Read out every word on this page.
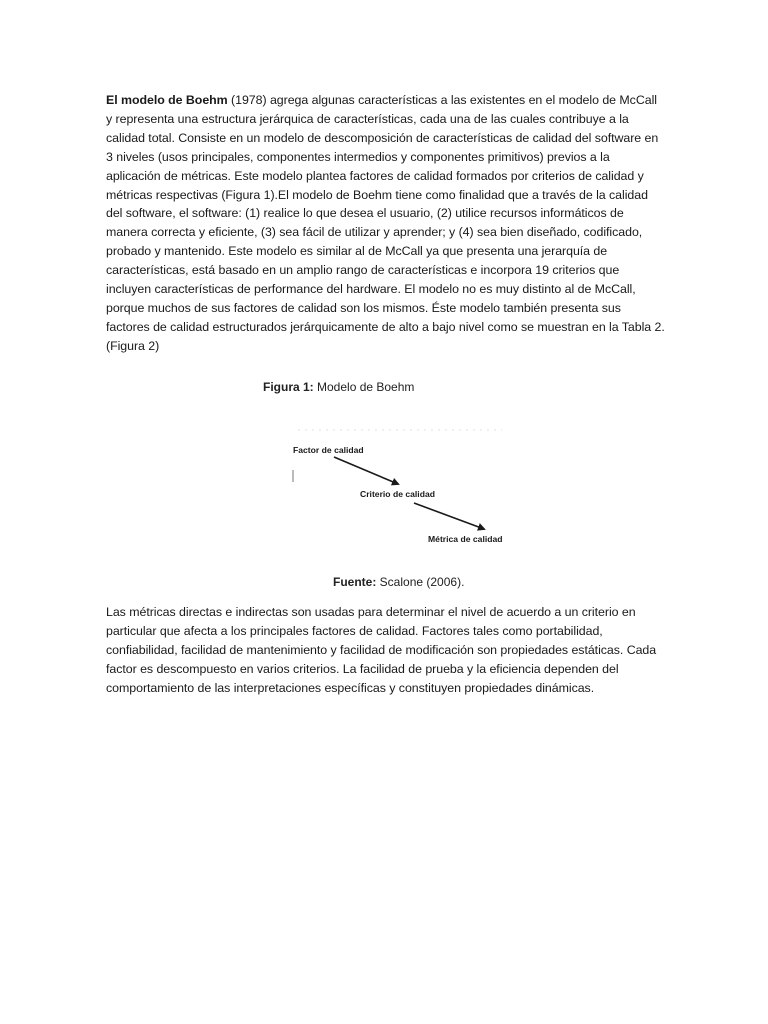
El modelo de Boehm (1978) agrega algunas características a las existentes en el modelo de McCall y representa una estructura jerárquica de características, cada una de las cuales contribuye a la calidad total. Consiste en un modelo de descomposición de características de calidad del software en 3 niveles (usos principales, componentes intermedios y componentes primitivos) previos a la aplicación de métricas. Este modelo plantea factores de calidad formados por criterios de calidad y métricas respectivas (Figura 1).El modelo de Boehm tiene como finalidad que a través de la calidad del software, el software: (1) realice lo que desea el usuario, (2) utilice recursos informáticos de manera correcta y eficiente, (3) sea fácil de utilizar y aprender; y (4) sea bien diseñado, codificado, probado y mantenido. Este modelo es similar al de McCall ya que presenta una jerarquía de características, está basado en un amplio rango de características e incorpora 19 criterios que incluyen características de performance del hardware. El modelo no es muy distinto al de McCall, porque muchos de sus factores de calidad son los mismos. Éste modelo también presenta sus factores de calidad estructurados jerárquicamente de alto a bajo nivel como se muestran en la Tabla 2. (Figura 2)

Figura 1: Modelo de Boehm
Factor de calidad
Criterio de calidad
Métrica de calidad
Fuente: Scalone (2006).

Las métricas directas e indirectas son usadas para determinar el nivel de acuerdo a un criterio en particular que afecta a los principales factores de calidad. Factores tales como portabilidad, confiabilidad, facilidad de mantenimiento y facilidad de modificación son propiedades estáticas. Cada factor es descompuesto en varios criterios. La facilidad de prueba y la eficiencia dependen del comportamiento de las interpretaciones específicas y constituyen propiedades dinámicas.
